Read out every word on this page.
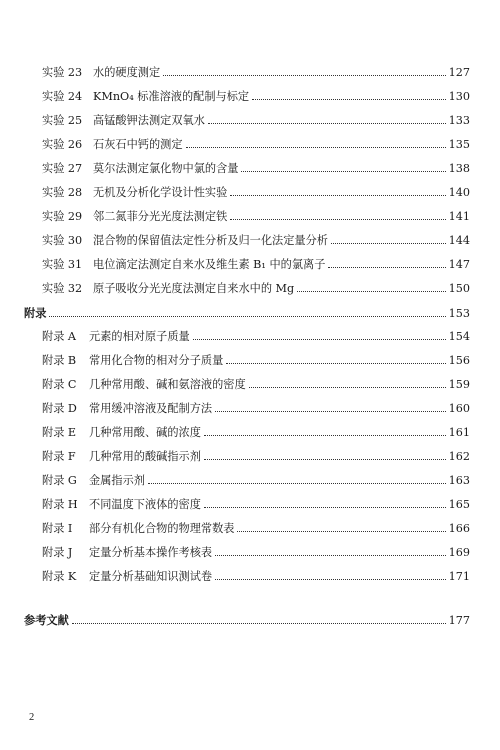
实验 23 水的硬度测定	127
实验 24 KMnO₄ 标准溶液的配制与标定	130
实验 25 高锰酸钾法测定双氧水	133
实验 26 石灰石中钙的测定	135
实验 27 莫尔法测定氯化物中氯的含量	138
实验 28 无机及分析化学设计性实验	140
实验 29 邻二氮菲分光光度法测定铁	141
实验 30 混合物的保留值法定性分析及归一化法定量分析	144
实验 31 电位滴定法测定自来水及维生素 B₁ 中的氯离子	147
实验 32 原子吸收分光光度法测定自来水中的 Mg	150
附录	153
附录 A	元素的相对原子质量	154
附录 B	常用化合物的相对分子质量	156
附录 C	几种常用酸、碱和氨溶液的密度	159
附录 D	常用缓冲溶液及配制方法	160
附录 E	几种常用酸、碱的浓度	161
附录 F	几种常用的酸碱指示剂	162
附录 G	金属指示剂	163
附录 H	不同温度下液体的密度	165
附录 I	部分有机化合物的物理常数表	166
附录 J	定量分析基本操作考核表	169
附录 K	定量分析基础知识测试卷	171
参考文献	177
2
